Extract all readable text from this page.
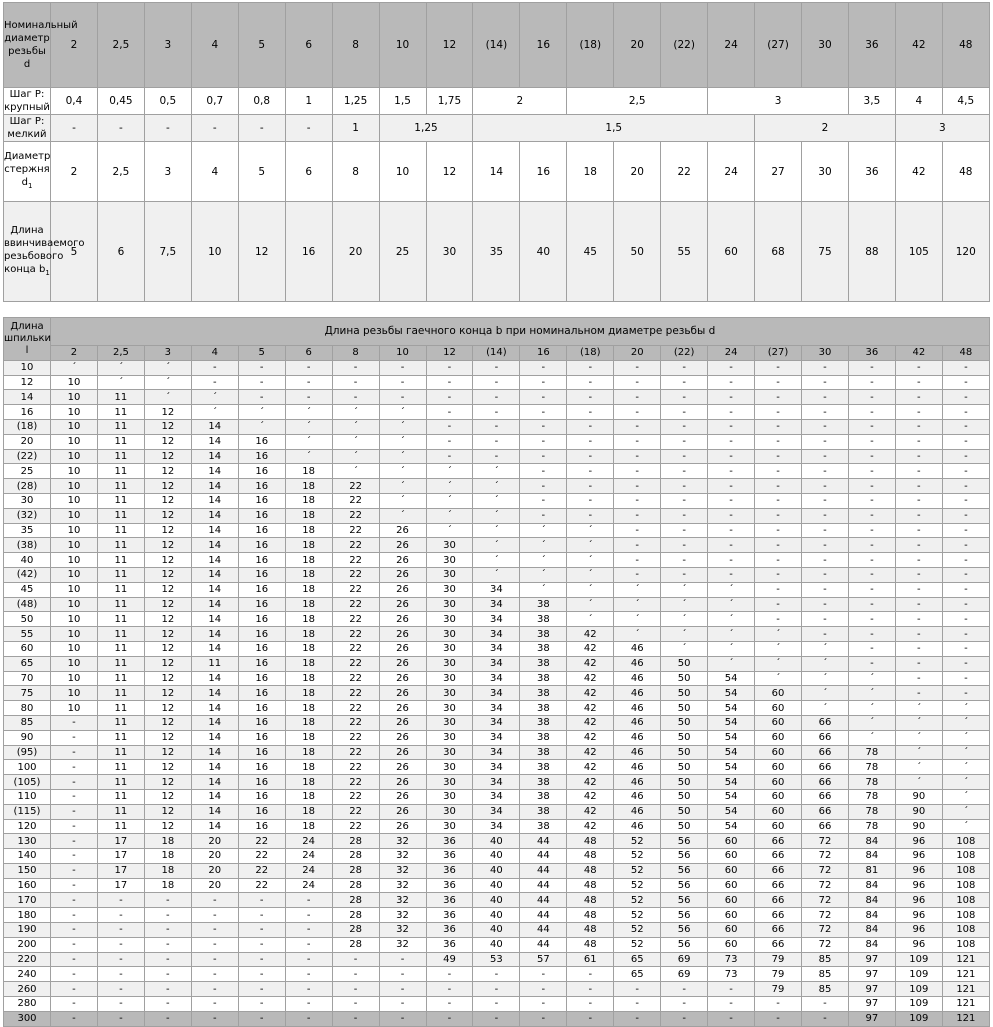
Номинальный диаметр резьбы d	2	2,5	3	4	5	6	8	10	12	(14)	16	(18)	20	(22)	24	(27)	30	36	42	48	
Шаг P: крупный	0,4	0,45	0,5	0,7	0,8	1	1,25	1,5	1,75	2		2,5			3			3,5	4	4,5	
Шаг P: мелкий	-	-	-	-	-	-	1	1,25		1,5						2			3		
Диаметр стержня $d_1$	2	2,5	3	4	5	6	8	10	12	14	16	18	20	22	24	27	30	36	42	48	
Длина ввинчиваемого резьбового конца $b_1$	5	6	7,5	10	12	16	20	25	30	35	40	45	50	55	60	68	75	88	105	120	
Длина шпильки l	Длина резьбы гаечного конца b при номинальном диаметре резьбы d																			
	2	2,5	3	4	5	6	8	10	12	(14)	16	(18)	20	(22)	24	(27)	30	36	42	48
10	´	´	´	-	-	-	-	-	-	-	-	-	-	-	-	-	-	-	-	-
12	10	´	´	-	-	-	-	-	-	-	-	-	-	-	-	-	-	-	-	-
14	10	11	´	´	-	-	-	-	-	-	-	-	-	-	-	-	-	-	-	-
16	10	11	12	´	´	´	´	´	-	-	-	-	-	-	-	-	-	-	-	-
(18)	10	11	12	14	´	´	´	´	-	-	-	-	-	-	-	-	-	-	-	-
20	10	11	12	14	16	´	´	´	-	-	-	-	-	-	-	-	-	-	-	-
(22)	10	11	12	14	16	´	´	´	-	-	-	-	-	-	-	-	-	-	-	-
25	10	11	12	14	16	18	´	´	´	´	-	-	-	-	-	-	-	-	-	-
(28)	10	11	12	14	16	18	22	´	´	´	-	-	-	-	-	-	-	-	-	-
30	10	11	12	14	16	18	22	´	´	´	-	-	-	-	-	-	-	-	-	-
(32)	10	11	12	14	16	18	22	´	´	´	-	-	-	-	-	-	-	-	-	-
35	10	11	12	14	16	18	22	26	´	´	´	´	-	-	-	-	-	-	-	-
(38)	10	11	12	14	16	18	22	26	30	´	´	´	-	-	-	-	-	-	-	-
40	10	11	12	14	16	18	22	26	30	´	´	´	-	-	-	-	-	-	-	-
(42)	10	11	12	14	16	18	22	26	30	´	´	´	-	-	-	-	-	-	-	-
45	10	11	12	14	16	18	22	26	30	34	´	´	´	´	´	-	-	-	-	-
(48)	10	11	12	14	16	18	22	26	30	34	38	´	´	´	´	-	-	-	-	-
50	10	11	12	14	16	18	22	26	30	34	38	´	´	´	´	-	-	-	-	-
55	10	11	12	14	16	18	22	26	30	34	38	42	´	´	´	´	-	-	-	-
60	10	11	12	14	16	18	22	26	30	34	38	42	46	´	´	´	´	-	-	-
65	10	11	12	11	16	18	22	26	30	34	38	42	46	50	´	´	´	-	-	-
70	10	11	12	14	16	18	22	26	30	34	38	42	46	50	54	´	´	´	-	-
75	10	11	12	14	16	18	22	26	30	34	38	42	46	50	54	60	´	´	-	-
80	10	11	12	14	16	18	22	26	30	34	38	42	46	50	54	60	´	´	´	´
85	-	11	12	14	16	18	22	26	30	34	38	42	46	50	54	60	66	´	´	´
90	-	11	12	14	16	18	22	26	30	34	38	42	46	50	54	60	66	´	´	´
(95)	-	11	12	14	16	18	22	26	30	34	38	42	46	50	54	60	66	78	´	´
100	-	11	12	14	16	18	22	26	30	34	38	42	46	50	54	60	66	78	´	´
(105)	-	11	12	14	16	18	22	26	30	34	38	42	46	50	54	60	66	78	´	´
110	-	11	12	14	16	18	22	26	30	34	38	42	46	50	54	60	66	78	90	´
(115)	-	11	12	14	16	18	22	26	30	34	38	42	46	50	54	60	66	78	90	´
120	-	11	12	14	16	18	22	26	30	34	38	42	46	50	54	60	66	78	90	´
130	-	17	18	20	22	24	28	32	36	40	44	48	52	56	60	66	72	84	96	108
140	-	17	18	20	22	24	28	32	36	40	44	48	52	56	60	66	72	84	96	108
150	-	17	18	20	22	24	28	32	36	40	44	48	52	56	60	66	72	81	96	108
160	-	17	18	20	22	24	28	32	36	40	44	48	52	56	60	66	72	84	96	108
170	-	-	-	-	-	-	28	32	36	40	44	48	52	56	60	66	72	84	96	108
180	-	-	-	-	-	-	28	32	36	40	44	48	52	56	60	66	72	84	96	108
190	-	-	-	-	-	-	28	32	36	40	44	48	52	56	60	66	72	84	96	108
200	-	-	-	-	-	-	28	32	36	40	44	48	52	56	60	66	72	84	96	108
220	-	-	-	-	-	-	-	-	49	53	57	61	65	69	73	79	85	97	109	121
240	-	-	-	-	-	-	-	-	-	-	-	-	65	69	73	79	85	97	109	121
260	-	-	-	-	-	-	-	-	-	-	-	-	-	-	-	79	85	97	109	121
280	-	-	-	-	-	-	-	-	-	-	-	-	-	-	-	-	-	97	109	121
300	-	-	-	-	-	-	-	-	-	-	-	-	-	-	-	-	-	97	109	121
